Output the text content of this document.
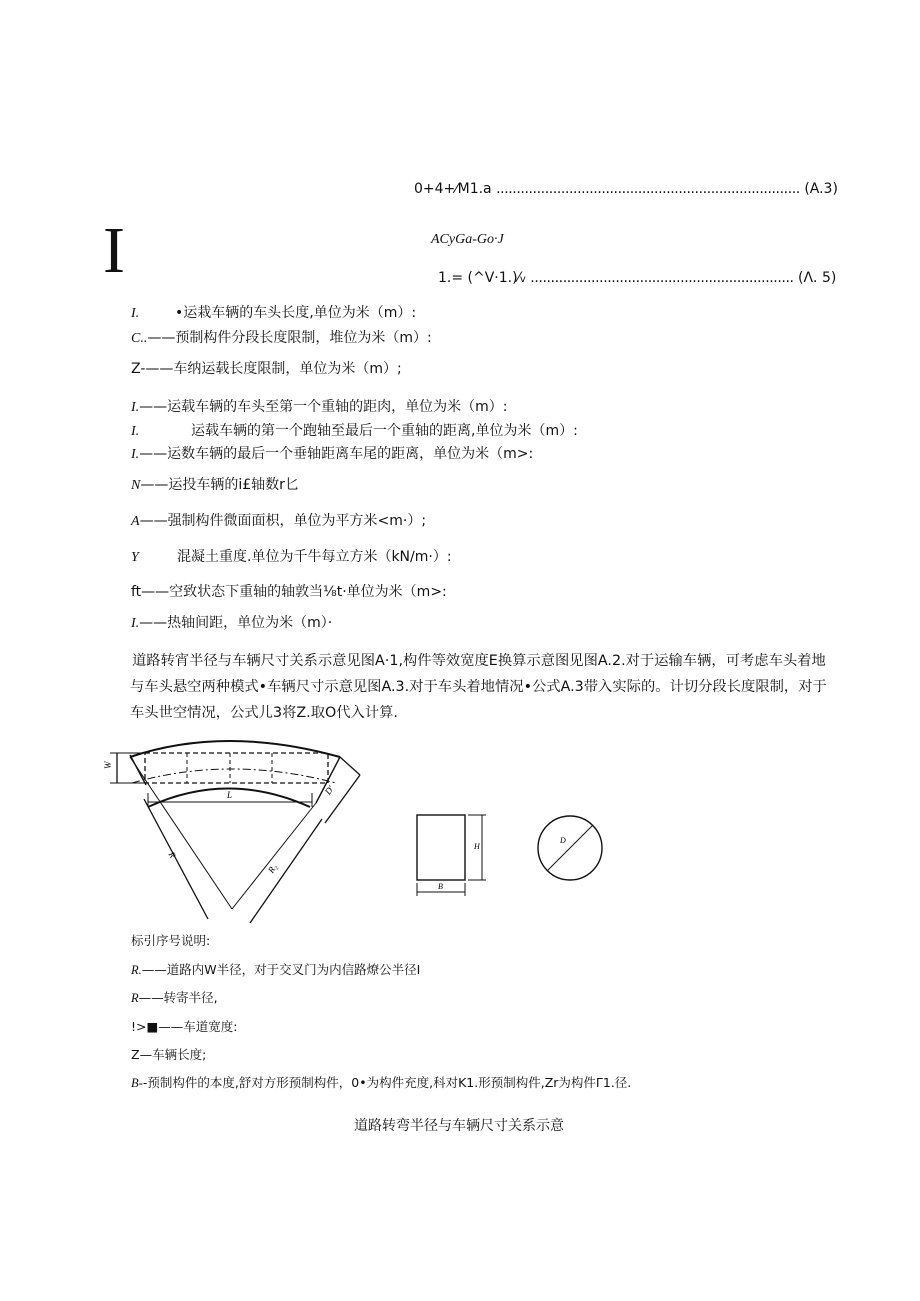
0+4+⁄M1.a ........................................................................... (A.3)
I	ACyGa-Go·J
1.= (^V·1.)⁄v ................................................................. (Λ. 5)
I.	•运栽车辆的车头长度,单位为米（m）:
C..——预制构件分段长度限制，堆位为米（m）:
Z-——车纳运载长度限制，单位为米（m）;
I.——运载车辆的车头至第一个重轴的距肉，单位为米（m）:
I.	运载车辆的第一个跑轴至最后一个重轴的距离,单位为米（m）:
I.——运数车辆的最后一个垂轴距离车尾的距离，单位为米（m>:
N——运投车辆的i£轴数r匕
A——强制构件微面面枳，单位为平方米<m·）;
Y	混凝土重度.单位为千牛每立方米（kN∕m·）:
ft——空致状态下重轴的轴敦当⅛t·单位为米（m>:
I.——热轴间距，单位为米（m）·
道路转宵半径与车辆尺寸关系示意见图A·1,构件等效宽度E换算示意图见图A.2.对于运输车辆，可考虑车头着地与车头悬空两种模式•车辆尺寸示意见图A.3.对于车头着地情况•公式A.3带入实际的。计切分段长度限制，对于车头世空情况，公式儿3将Z.取O代入计算.
W
L	D'
R
R₂
H
B
D
标引序号说明:
R.——道路内W半径，对于交叉门为内信路燎公半径I
R——转寄半径,
!>■——车道宽度:
Z—车辆长度;
B--预制构件的本度,舒对方形预制构件，0•为构件充度,科对K1.形预制构件,Zr为构件Γ1.径.
道路转弯半径与车辆尺寸关系示意
